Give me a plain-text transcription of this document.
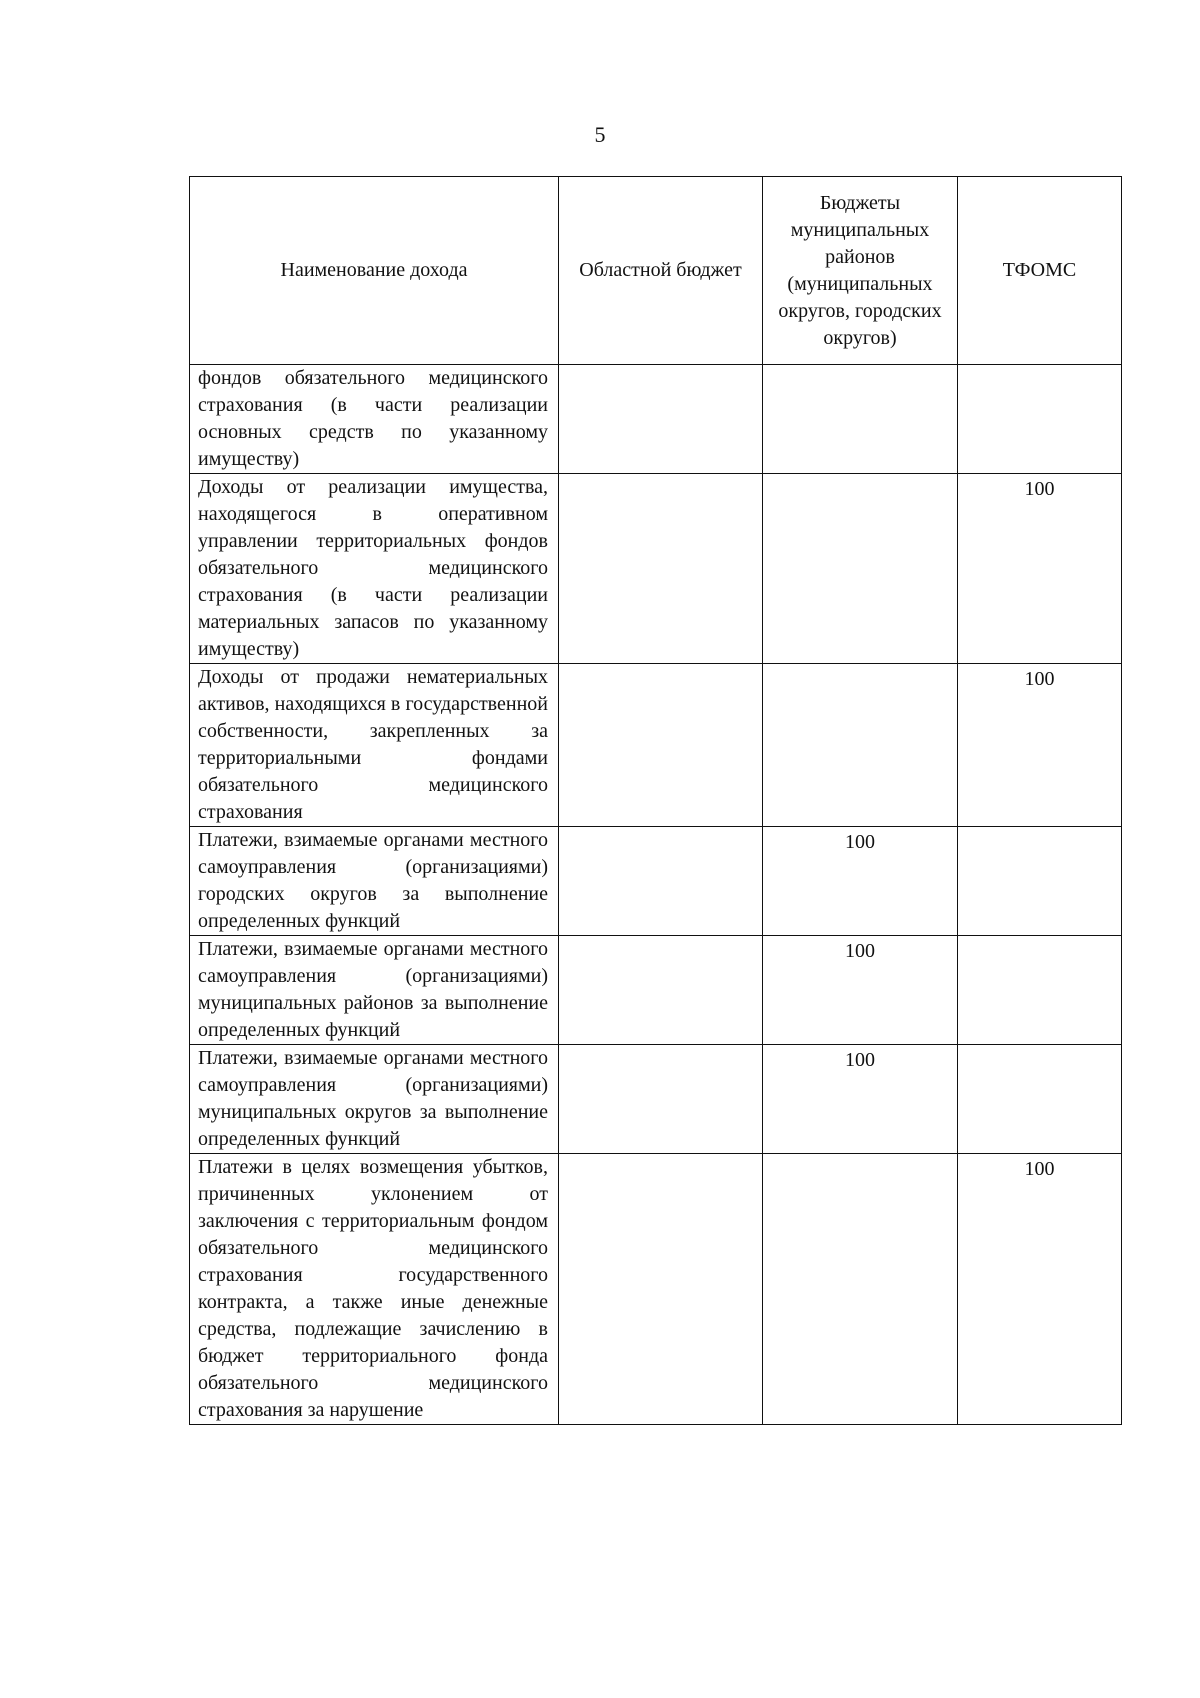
5
Наименование дохода	Областной бюджет	Бюджеты муниципальных районов (муниципальных округов, городских округов)	ТФОМС
фондов обязательного медицинского страхования (в части реализации основных средств по указанному имуществу)			
Доходы от реализации имущества, находящегося в оперативном управлении территориальных фондов обязательного медицинского страхования (в части реализации материальных запасов по указанному имуществу)			100
Доходы от продажи нематериальных активов, находящихся в государственной собственности, закрепленных за территориальными фондами обязательного медицинского страхования			100
Платежи, взимаемые органами местного самоуправления (организациями) городских округов за выполнение определенных функций		100	
Платежи, взимаемые органами местного самоуправления (организациями) муниципальных районов за выполнение определенных функций		100	
Платежи, взимаемые органами местного самоуправления (организациями) муниципальных округов за выполнение определенных функций		100	
Платежи в целях возмещения убытков, причиненных уклонением от заключения с территориальным фондом обязательного медицинского страхования государственного контракта, а также иные денежные средства, подлежащие зачислению в бюджет территориального фонда обязательного медицинского страхования за нарушение			100
